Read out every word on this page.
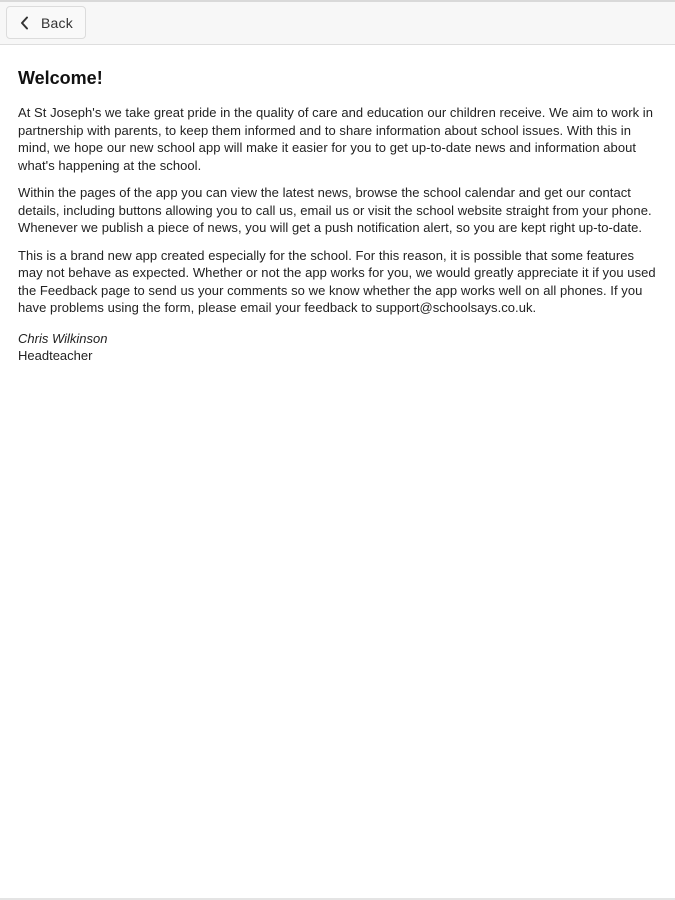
Back
Welcome!

At St Joseph's we take great pride in the quality of care and education our children receive. We aim to work in partnership with parents, to keep them informed and to share information about school issues. With this in mind, we hope our new school app will make it easier for you to get up-to-date news and information about what's happening at the school.

Within the pages of the app you can view the latest news, browse the school calendar and get our contact details, including buttons allowing you to call us, email us or visit the school website straight from your phone. Whenever we publish a piece of news, you will get a push notification alert, so you are kept right up-to-date.

This is a brand new app created especially for the school. For this reason, it is possible that some features may not behave as expected. Whether or not the app works for you, we would greatly appreciate it if you used the Feedback page to send us your comments so we know whether the app works well on all phones. If you have problems using the form, please email your feedback to support@schoolsays.co.uk.

Chris Wilkinson
Headteacher
